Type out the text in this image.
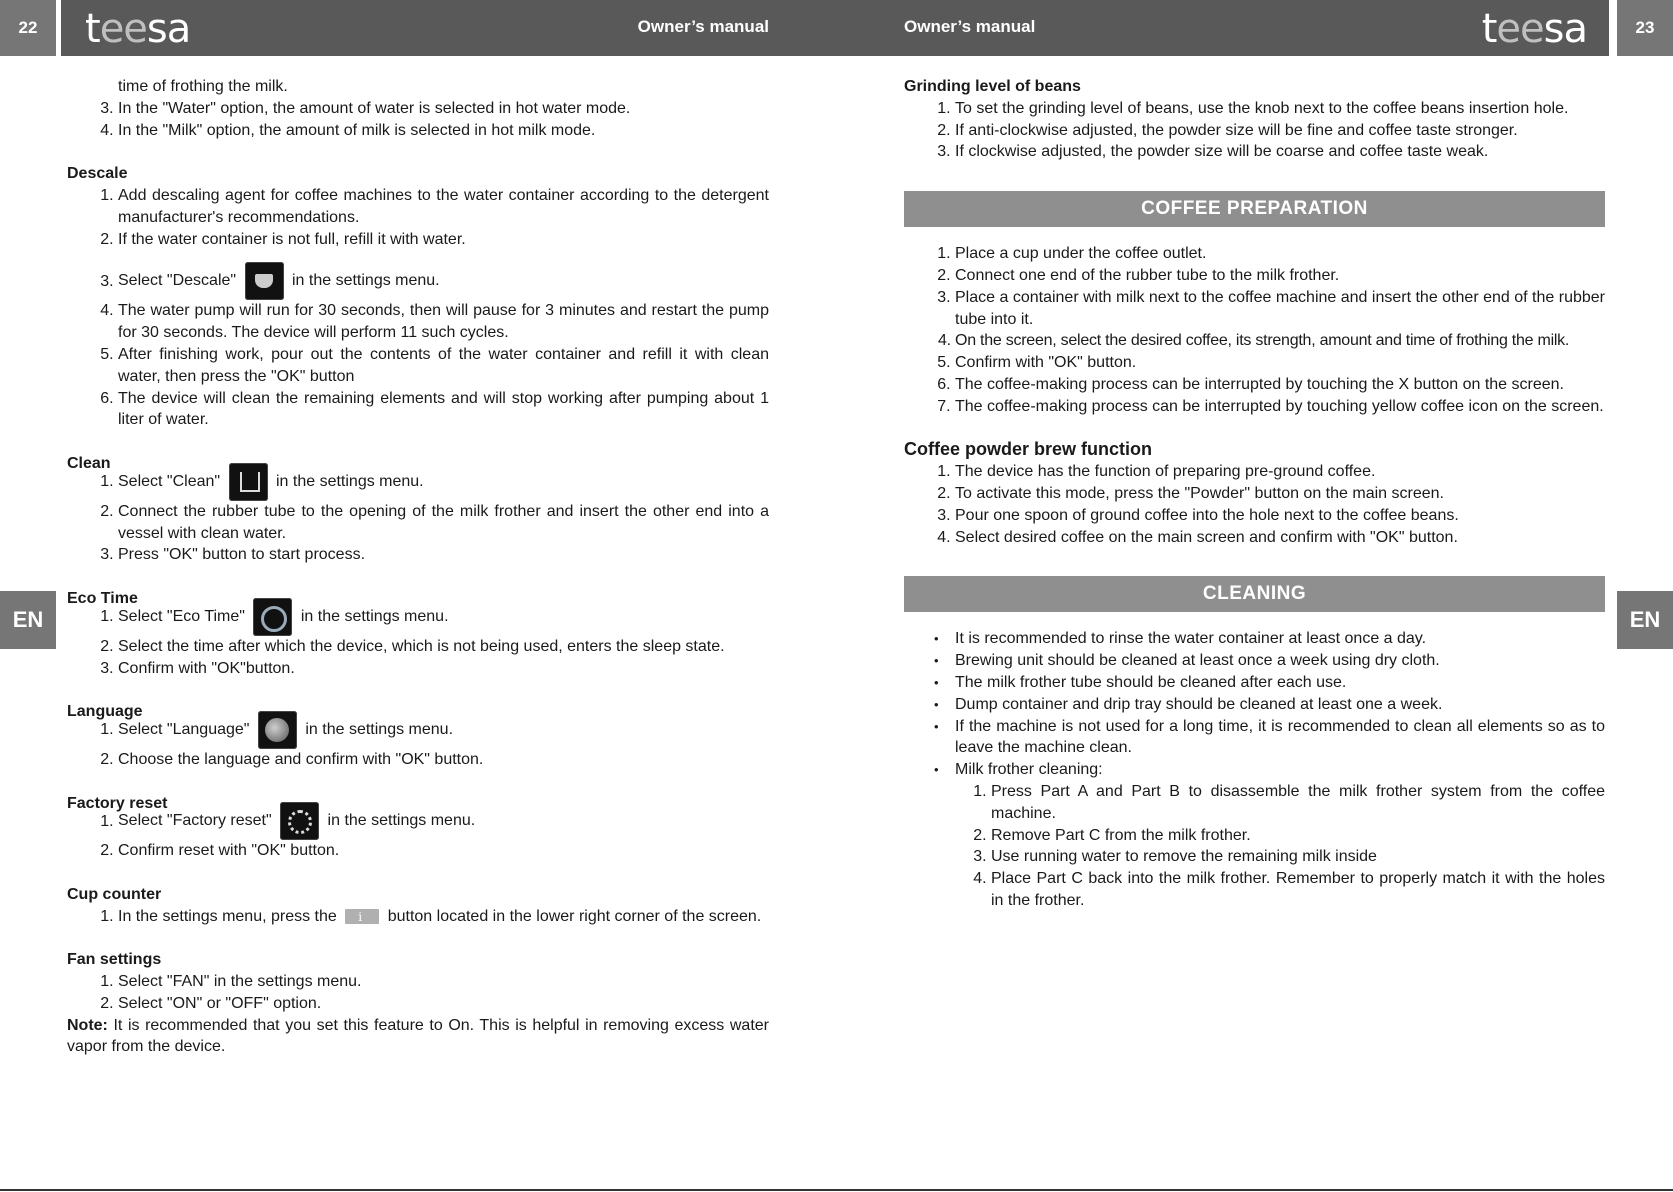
22	teesa	Owner’s manual	Owner’s manual	teesa	23
EN	EN
time of frothing the milk.
3. In the "Water" option, the amount of water is selected in hot water mode.
4. In the "Milk" option, the amount of milk is selected in hot milk mode.

Descale

1. Add descaling agent for coffee machines to the water container according to the detergent manufacturer's recommendations.
2. If the water container is not full, refill it with water.
3. Select "Descale"	in the settings menu.
4. The water pump will run for 30 seconds, then will pause for 3 minutes and restart the pump for 30 seconds. The device will perform 11 such cycles.
5. After finishing work, pour out the contents of the water container and refill it with clean water, then press the "OK" button
6. The device will clean the remaining elements and will stop working after pumping about 1 liter of water.

Clean

1. Select "Clean"	in the settings menu.
2. Connect the rubber tube to the opening of the milk frother and insert the other end into a vessel with clean water.
3. Press "OK" button to start process.

Eco Time

1. Select "Eco Time"	in the settings menu.
2. Select the time after which the device, which is not being used, enters the sleep state.
3. Confirm with "OK"button.

Language

1. Select "Language"	in the settings menu.
2. Choose the language and confirm with "OK" button.

Factory reset

1. Select "Factory reset"	in the settings menu.
2. Confirm reset with "OK" button.

Cup counter

1. In the settings menu, press the i	button located in the lower right corner of the screen.

Fan settings

1. Select "FAN" in the settings menu.
2. Select "ON" or "OFF" option.

Note: It is recommended that you set this feature to On. This is helpful in removing excess water vapor from the device.

Grinding level of beans

1. To set the grinding level of beans, use the knob next to the coffee beans insertion hole.
2. If anti-clockwise adjusted, the powder size will be fine and coffee taste stronger.
3. If clockwise adjusted, the powder size will be coarse and coffee taste weak.
COFFEE PREPARATION
1. Place a cup under the coffee outlet.
2. Connect one end of the rubber tube to the milk frother.
3. Place a container with milk next to the coffee machine and insert the other end of the rubber tube into it.
4. On the screen, select the desired coffee, its strength, amount and time of frothing the milk.
5. Confirm with "OK" button.
6. The coffee-making process can be interrupted by touching the X button on the screen.
7. The coffee-making process can be interrupted by touching yellow coffee icon on the screen.

Coffee powder brew function

1. The device has the function of preparing pre-ground coffee.
2. To activate this mode, press the "Powder" button on the main screen.
3. Pour one spoon of ground coffee into the hole next to the coffee beans.
4. Select desired coffee on the main screen and confirm with "OK" button.
CLEANING
• It is recommended to rinse the water container at least once a day.
• Brewing unit should be cleaned at least once a week using dry cloth.
• The milk frother tube should be cleaned after each use.
• Dump container and drip tray should be cleaned at least one a week.
• If the machine is not used for a long time, it is recommended to clean all elements so as to leave the machine clean.
• Milk frother cleaning:
1. Press Part A and Part B to disassemble the milk frother system from the coffee machine.
2. Remove Part C from the milk frother.
3. Use running water to remove the remaining milk inside
4. Place Part C back into the milk frother. Remember to properly match it with the holes in the frother.
